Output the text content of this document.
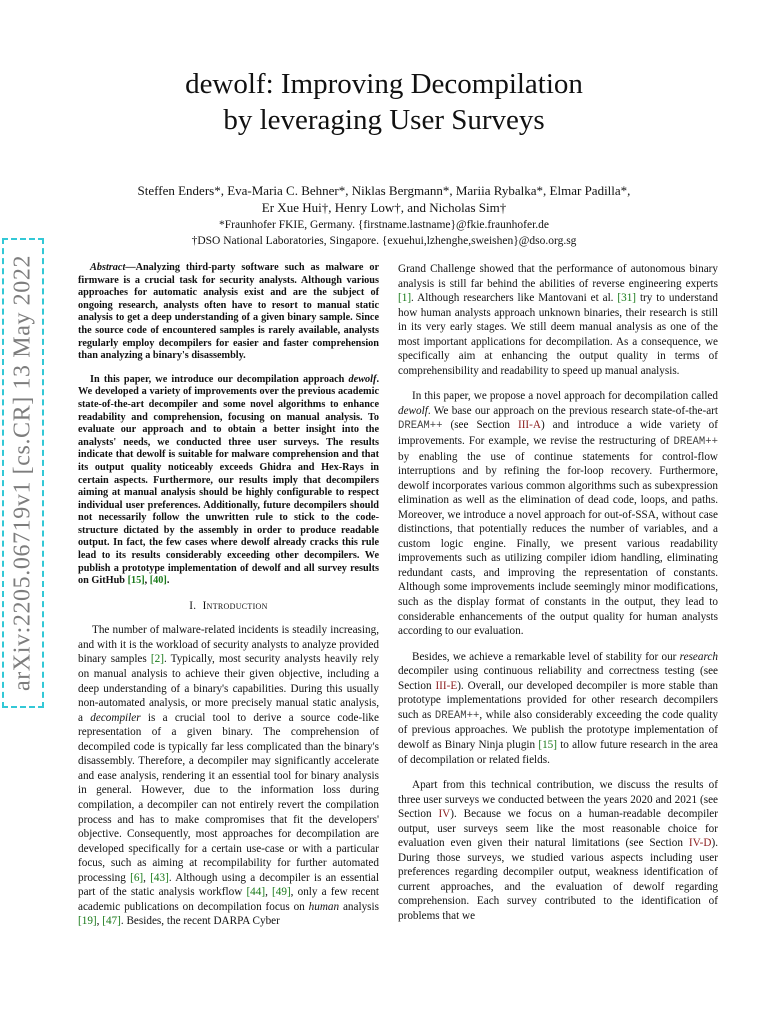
arXiv:2205.06719v1 [cs.CR] 13 May 2022
dewolf: Improving Decompilation
by leveraging User Surveys
Steffen Enders*, Eva-Maria C. Behner*, Niklas Bergmann*, Mariia Rybalka*, Elmar Padilla*,
Er Xue Hui†, Henry Low†, and Nicholas Sim†
*Fraunhofer FKIE, Germany. {firstname.lastname}@fkie.fraunhofer.de
†DSO National Laboratories, Singapore. {exuehui,lzhenghe,sweishen}@dso.org.sg

Abstract—Analyzing third-party software such as malware or firmware is a crucial task for security analysts. Although various approaches for automatic analysis exist and are the subject of ongoing research, analysts often have to resort to manual static analysis to get a deep understanding of a given binary sample. Since the source code of encountered samples is rarely available, analysts regularly employ decompilers for easier and faster comprehension than analyzing a binary's disassembly.

In this paper, we introduce our decompilation approach dewolf. We developed a variety of improvements over the previous academic state-of-the-art decompiler and some novel algorithms to enhance readability and comprehension, focusing on manual analysis. To evaluate our approach and to obtain a better insight into the analysts' needs, we conducted three user surveys. The results indicate that dewolf is suitable for malware comprehension and that its output quality noticeably exceeds Ghidra and Hex-Rays in certain aspects. Furthermore, our results imply that decompilers aiming at manual analysis should be highly configurable to respect individual user preferences. Additionally, future decompilers should not necessarily follow the unwritten rule to stick to the code-structure dictated by the assembly in order to produce readable output. In fact, the few cases where dewolf already cracks this rule lead to its results considerably exceeding other decompilers. We publish a prototype implementation of dewolf and all survey results on GitHub [15], [40].

I. Introduction

The number of malware-related incidents is steadily increasing, and with it is the workload of security analysts to analyze provided binary samples [2]. Typically, most security analysts heavily rely on manual analysis to achieve their given objective, including a deep understanding of a binary's capabilities. During this usually non-automated analysis, or more precisely manual static analysis, a decompiler is a crucial tool to derive a source code-like representation of a given binary. The comprehension of decompiled code is typically far less complicated than the binary's disassembly. Therefore, a decompiler may significantly accelerate and ease analysis, rendering it an essential tool for binary analysis in general. However, due to the information loss during compilation, a decompiler can not entirely revert the compilation process and has to make compromises that fit the developers' objective. Consequently, most approaches for decompilation are developed specifically for a certain use-case or with a particular focus, such as aiming at recompilability for further automated processing [6], [43]. Although using a decompiler is an essential part of the static analysis workflow [44], [49], only a few recent academic publications on decompilation focus on human analysis [19], [47]. Besides, the recent DARPA Cyber

Grand Challenge showed that the performance of autonomous binary analysis is still far behind the abilities of reverse engineering experts [1]. Although researchers like Mantovani et al. [31] try to understand how human analysts approach unknown binaries, their research is still in its very early stages. We still deem manual analysis as one of the most important applications for decompilation. As a consequence, we specifically aim at enhancing the output quality in terms of comprehensibility and readability to speed up manual analysis.

In this paper, we propose a novel approach for decompilation called dewolf. We base our approach on the previous research state-of-the-art DREAM++ (see Section III-A) and introduce a wide variety of improvements. For example, we revise the restructuring of DREAM++ by enabling the use of continue statements for control-flow interruptions and by refining the for-loop recovery. Furthermore, dewolf incorporates various common algorithms such as subexpression elimination as well as the elimination of dead code, loops, and paths. Moreover, we introduce a novel approach for out-of-SSA, without case distinctions, that potentially reduces the number of variables, and a custom logic engine. Finally, we present various readability improvements such as utilizing compiler idiom handling, eliminating redundant casts, and improving the representation of constants. Although some improvements include seemingly minor modifications, such as the display format of constants in the output, they lead to considerable enhancements of the output quality for human analysts according to our evaluation.

Besides, we achieve a remarkable level of stability for our research decompiler using continuous reliability and correctness testing (see Section III-E). Overall, our developed decompiler is more stable than prototype implementations provided for other research decompilers such as DREAM++, while also considerably exceeding the code quality of previous approaches. We publish the prototype implementation of dewolf as Binary Ninja plugin [15] to allow future research in the area of decompilation or related fields.

Apart from this technical contribution, we discuss the results of three user surveys we conducted between the years 2020 and 2021 (see Section IV). Because we focus on a human-readable decompiler output, user surveys seem like the most reasonable choice for evaluation even given their natural limitations (see Section IV-D). During those surveys, we studied various aspects including user preferences regarding decompiler output, weakness identification of current approaches, and the evaluation of dewolf regarding comprehension. Each survey contributed to the identification of problems that we
